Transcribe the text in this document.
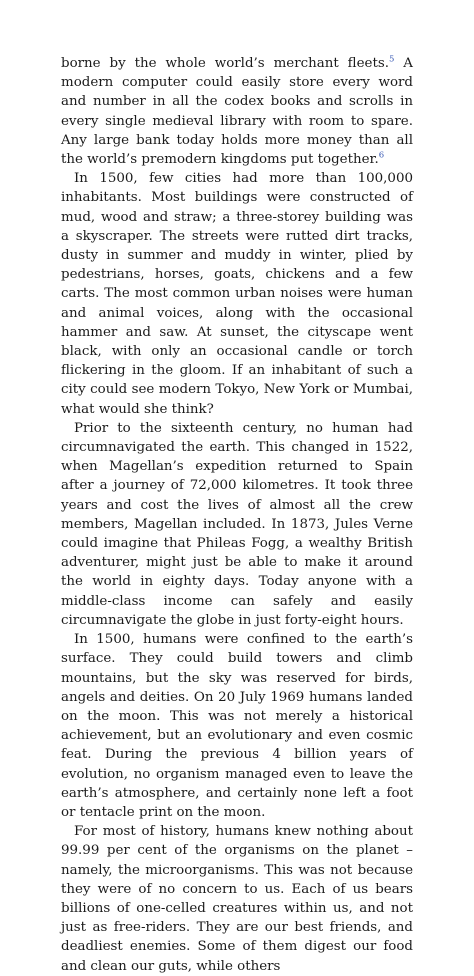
borne by the whole world’s merchant fleets.$^5$ A modern computer could easily store every word and number in all the codex books and scrolls in every single medieval library with room to spare. Any large bank today holds more money than all the world’s premodern kingdoms put together.$^6$

In 1500, few cities had more than 100,000 inhabitants. Most buildings were constructed of mud, wood and straw; a three-storey building was a skyscraper. The streets were rutted dirt tracks, dusty in summer and muddy in winter, plied by pedestrians, horses, goats, chickens and a few carts. The most common urban noises were human and animal voices, along with the occasional hammer and saw. At sunset, the cityscape went black, with only an occasional candle or torch flickering in the gloom. If an inhabitant of such a city could see modern Tokyo, New York or Mumbai, what would she think?

Prior to the sixteenth century, no human had circumnavigated the earth. This changed in 1522, when Magellan’s expedition returned to Spain after a journey of 72,000 kilometres. It took three years and cost the lives of almost all the crew members, Magellan included. In 1873, Jules Verne could imagine that Phileas Fogg, a wealthy British adventurer, might just be able to make it around the world in eighty days. Today anyone with a middle-class income can safely and easily circumnavigate the globe in just forty-eight hours.

In 1500, humans were confined to the earth’s surface. They could build towers and climb mountains, but the sky was reserved for birds, angels and deities. On 20 July 1969 humans landed on the moon. This was not merely a historical achievement, but an evolutionary and even cosmic feat. During the previous 4 billion years of evolution, no organism managed even to leave the earth’s atmosphere, and certainly none left a foot or tentacle print on the moon.

For most of history, humans knew nothing about 99.99 per cent of the organisms on the planet – namely, the microorganisms. This was not because they were of no concern to us. Each of us bears billions of one-celled creatures within us, and not just as free-riders. They are our best friends, and deadliest enemies. Some of them digest our food and clean our guts, while others
